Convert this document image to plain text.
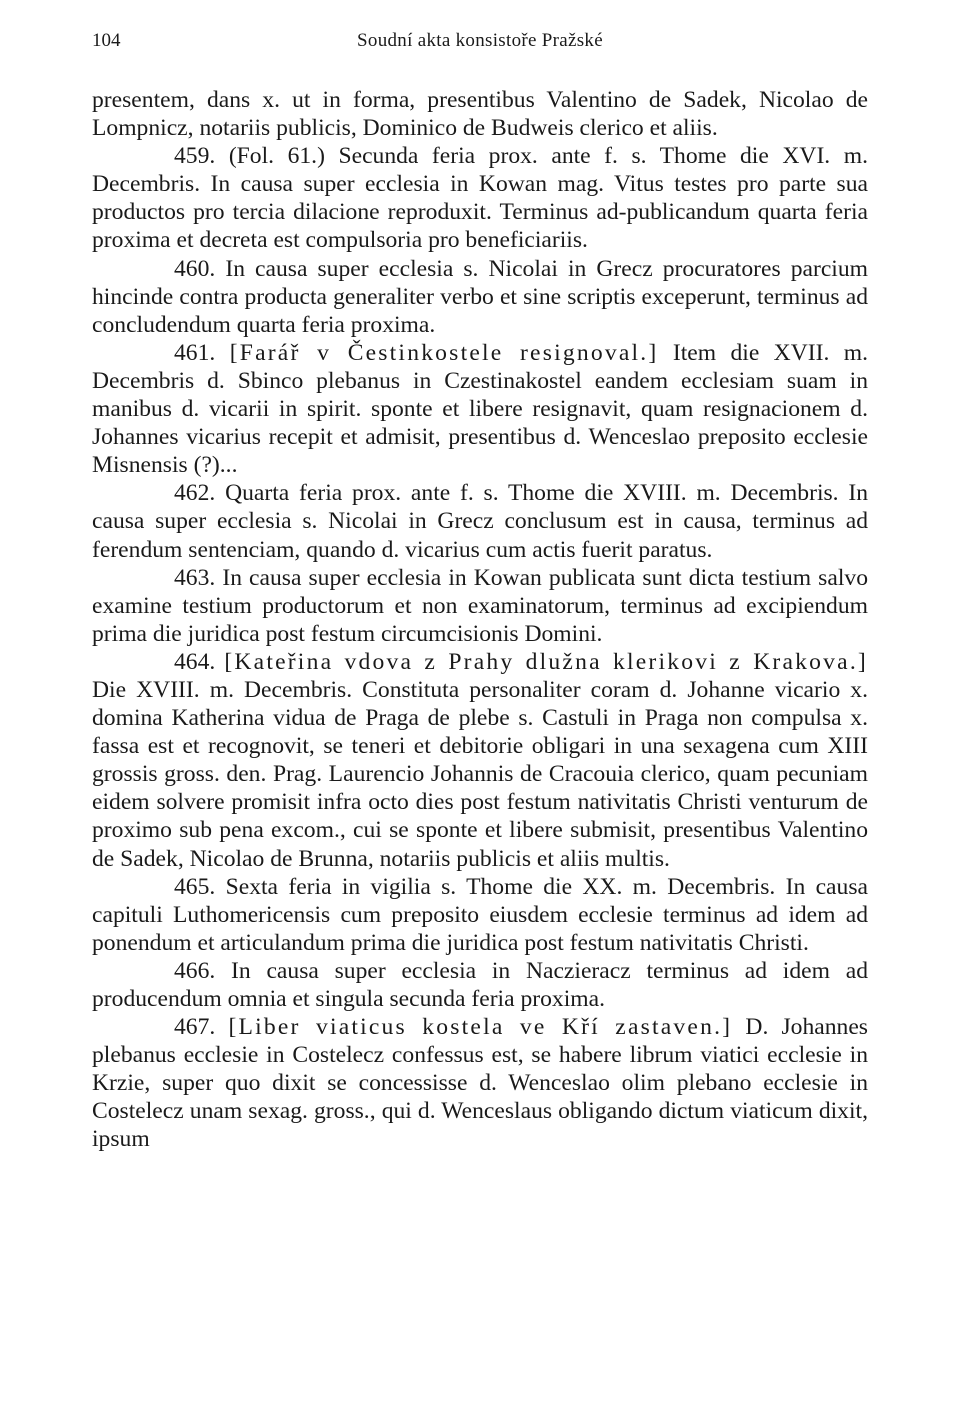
104	Soudní akta konsistoře Pražské

presentem, dans x. ut in forma, presentibus Valentino de Sadek, Nicolao de Lompnicz, notariis publicis, Dominico de Budweis clerico et aliis.

459. (Fol. 61.) Secunda feria prox. ante f. s. Thome die XVI. m. Decembris. In causa super ecclesia in Kowan mag. Vitus testes pro parte sua productos pro tercia dilacione reproduxit. Terminus ad-publicandum quarta feria proxima et decreta est compulsoria pro beneficiariis.

460. In causa super ecclesia s. Nicolai in Grecz procuratores parcium hincinde contra producta generaliter verbo et sine scriptis exceperunt, terminus ad concludendum quarta feria proxima.

461. [Farář v Čestinkostele resignoval.] Item die XVII. m. Decembris d. Sbinco plebanus in Czestinakostel eandem ecclesiam suam in manibus d. vicarii in spirit. sponte et libere resignavit, quam resignacionem d. Johannes vicarius recepit et admisit, presentibus d. Wenceslao preposito ecclesie Misnensis (?)...

462. Quarta feria prox. ante f. s. Thome die XVIII. m. Decembris. In causa super ecclesia s. Nicolai in Grecz conclusum est in causa, terminus ad ferendum sentenciam, quando d. vicarius cum actis fuerit paratus.

463. In causa super ecclesia in Kowan publicata sunt dicta testium salvo examine testium productorum et non examinatorum, terminus ad excipiendum prima die juridica post festum circumcisionis Domini.

464. [Kateřina vdova z Prahy dlužna klerikovi z Krakova.] Die XVIII. m. Decembris. Constituta personaliter coram d. Johanne vicario x. domina Katherina vidua de Praga de plebe s. Castuli in Praga non compulsa x. fassa est et recognovit, se teneri et debitorie obligari in una sexagena cum XIII grossis gross. den. Prag. Laurencio Johannis de Cracouia clerico, quam pecuniam eidem solvere promisit infra octo dies post festum nativitatis Christi venturum de proximo sub pena excom., cui se sponte et libere submisit, presentibus Valentino de Sadek, Nicolao de Brunna, notariis publicis et aliis multis.

465. Sexta feria in vigilia s. Thome die XX. m. Decembris. In causa capituli Luthomericensis cum preposito eiusdem ecclesie terminus ad idem ad ponendum et articulandum prima die juridica post festum nativitatis Christi.

466. In causa super ecclesia in Naczieracz terminus ad idem ad producendum omnia et singula secunda feria proxima.

467. [Liber viaticus kostela ve Kří zastaven.] D. Johannes plebanus ecclesie in Costelecz confessus est, se habere librum viatici ecclesie in Krzie, super quo dixit se concessisse d. Wenceslao olim plebano ecclesie in Costelecz unam sexag. gross., qui d. Wenceslaus obligando dictum viaticum dixit, ipsum
